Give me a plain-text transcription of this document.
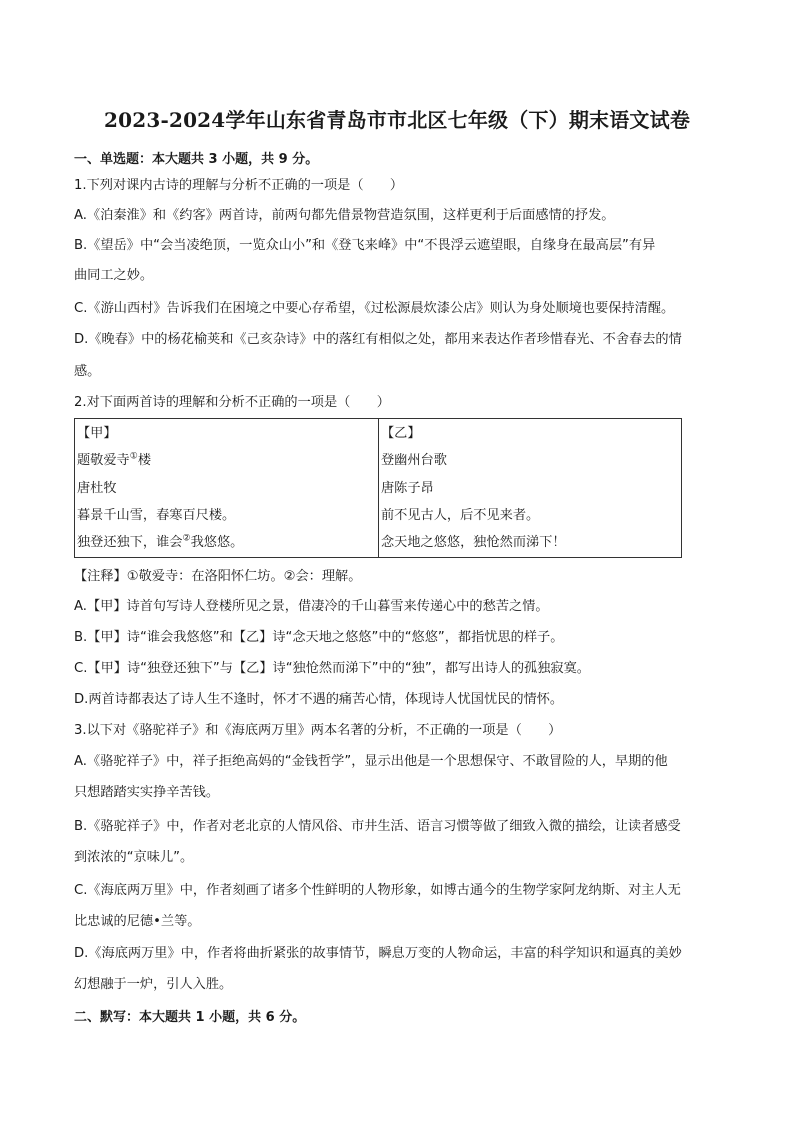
2023-2024学年山东省青岛市市北区七年级（下）期末语文试卷
一、单选题：本大题共 3 小题，共 9 分。
1.下列对课内古诗的理解与分析不正确的一项是（　　）
A.《泊秦淮》和《约客》两首诗，前两句都先借景物营造氛围，这样更利于后面感情的抒发。
B.《望岳》中“会当凌绝顶，一览众山小”和《登飞来峰》中“不畏浮云遮望眼，自缘身在最高层”有异
曲同工之妙。
C.《游山西村》告诉我们在困境之中要心存希望，《过松源晨炊漆公店》则认为身处顺境也要保持清醒。
D.《晚春》中的杨花榆荚和《己亥杂诗》中的落红有相似之处，都用来表达作者珍惜春光、不舍春去的情
感。
2.对下面两首诗的理解和分析不正确的一项是（　　）
【甲】
题敬爱寺①楼
唐杜牧
暮景千山雪，春寒百尺楼。
独登还独下，谁会②我悠悠。
【乙】
登幽州台歌
唐陈子昂
前不见古人，后不见来者。
念天地之悠悠，独怆然而涕下！
【注释】①敬爱寺：在洛阳怀仁坊。②会：理解。
A.【甲】诗首句写诗人登楼所见之景，借凄冷的千山暮雪来传递心中的愁苦之情。
B.【甲】诗“谁会我悠悠”和【乙】诗“念天地之悠悠”中的“悠悠”，都指忧思的样子。
C.【甲】诗“独登还独下”与【乙】诗“独怆然而涕下”中的“独”，都写出诗人的孤独寂寞。
D.两首诗都表达了诗人生不逢时，怀才不遇的痛苦心情，体现诗人忧国忧民的情怀。
3.以下对《骆驼祥子》和《海底两万里》两本名著的分析，不正确的一项是（　　）
A.《骆驼祥子》中，祥子拒绝高妈的“金钱哲学”，显示出他是一个思想保守、不敢冒险的人，早期的他
只想踏踏实实挣辛苦钱。
B.《骆驼祥子》中，作者对老北京的人情风俗、市井生活、语言习惯等做了细致入微的描绘，让读者感受
到浓浓的“京味儿”。
C.《海底两万里》中，作者刻画了诸多个性鲜明的人物形象，如博古通今的生物学家阿龙纳斯、对主人无
比忠诚的尼德•兰等。
D.《海底两万里》中，作者将曲折紧张的故事情节，瞬息万变的人物命运，丰富的科学知识和逼真的美妙
幻想融于一炉，引人入胜。
二、默写：本大题共 1 小题，共 6 分。
